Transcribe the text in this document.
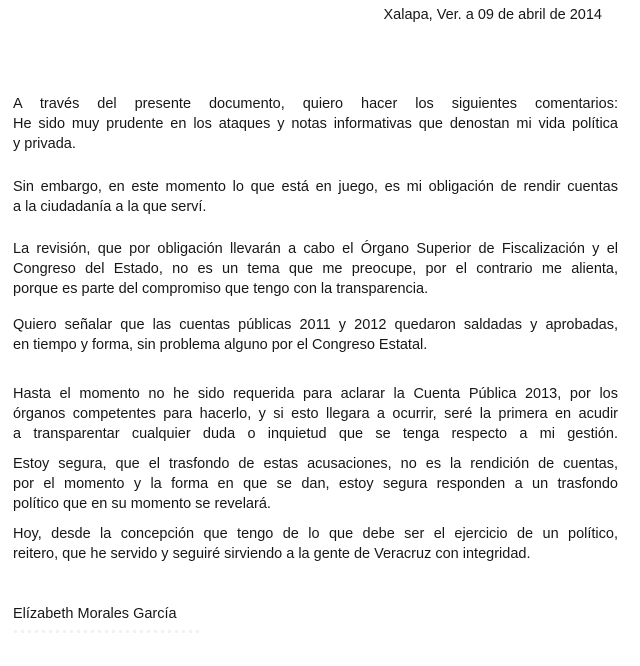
Xalapa, Ver. a 09 de abril de 2014
A través del presente documento, quiero hacer los siguientes comentarios:
He sido muy prudente en los ataques y notas informativas que denostan mi vida política
y privada.
Sin embargo, en este momento lo que está en juego, es mi obligación de rendir cuentas
a la ciudadanía a la que serví.
La revisión, que por obligación llevarán a cabo el Órgano Superior de Fiscalización y el
Congreso del Estado, no es un tema que me preocupe, por el contrario me alienta,
porque es parte del compromiso que tengo con la transparencia.
Quiero señalar que las cuentas públicas 2011 y 2012 quedaron saldadas y aprobadas,
en tiempo y forma, sin problema alguno por el Congreso Estatal.
Hasta el momento no he sido requerida para aclarar la Cuenta Pública 2013, por los
órganos competentes para hacerlo, y si esto llegara a ocurrir, seré la primera en acudir
a transparentar cualquier duda o inquietud que se tenga respecto a mi gestión.
Estoy segura, que el trasfondo de estas acusaciones, no es la rendición de cuentas,
por el momento y la forma en que se dan, estoy segura responden a un trasfondo
político que en su momento se revelará.
Hoy, desde la concepción que tengo de lo que debe ser el ejercicio de un político,
reitero, que he servido y seguiré sirviendo a la gente de Veracruz con integridad.
Elízabeth Morales García
